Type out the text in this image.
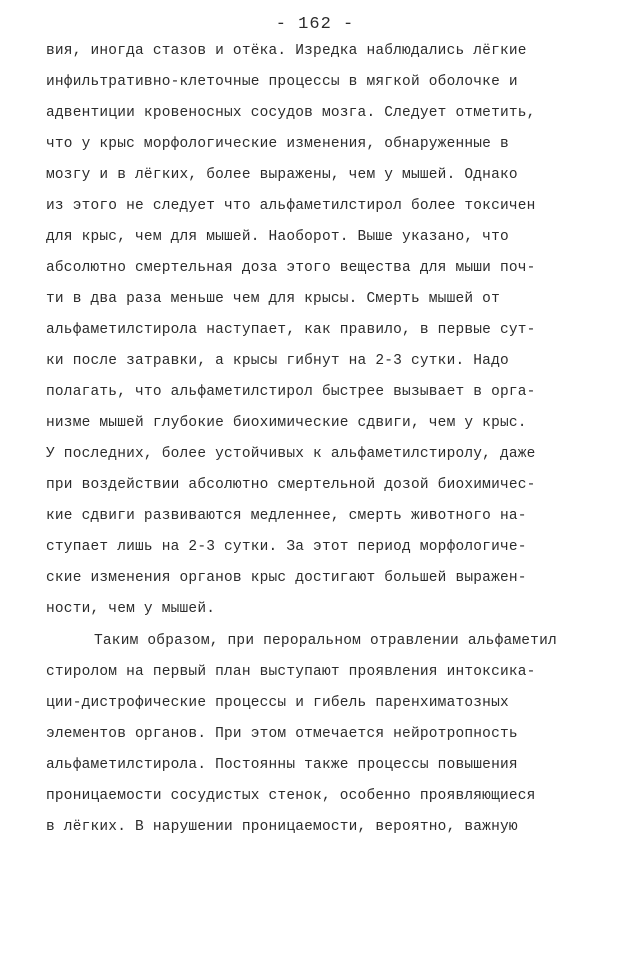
- 162 -
вия, иногда стазов и отёка. Изредка наблюдались лёгкие
инфильтративно-клеточные процессы в мягкой оболочке и
адвентиции кровеносных сосудов мозга. Следует отметить,
что у крыс морфологические изменения, обнаруженные в
мозгу и в лёгких, более выражены, чем у мышей. Однако
из этого не следует что альфаметилстирол более токсичен
для крыс, чем для мышей. Наоборот. Выше указано, что
абсолютно смертельная доза этого вещества для мыши поч-
ти в два раза меньше чем для крысы. Смерть мышей от
альфаметилстирола наступает, как правило, в первые сут-
ки после затравки, а крысы гибнут на 2-3 сутки. Надо
полагать, что альфаметилстирол быстрее вызывает в орга-
низме мышей глубокие биохимические сдвиги, чем у крыс.
У последних, более устойчивых к альфаметилстиролу, даже
при воздействии абсолютно смертельной дозой биохимичес-
кие сдвиги развиваются медленнее, смерть животного на-
ступает лишь на 2-3 сутки. За этот период морфологиче-
ские изменения органов крыс достигают большей выражен-
ности, чем у мышей.
Таким образом, при пероральном отравлении альфаметил
стиролом на первый план выступают проявления интоксика-
ции-дистрофические процессы и гибель паренхиматозных
элементов органов. При этом отмечается нейротропность
альфаметилстирола. Постоянны также процессы повышения
проницаемости сосудистых стенок, особенно проявляющиеся
в лёгких. В нарушении проницаемости, вероятно, важную
